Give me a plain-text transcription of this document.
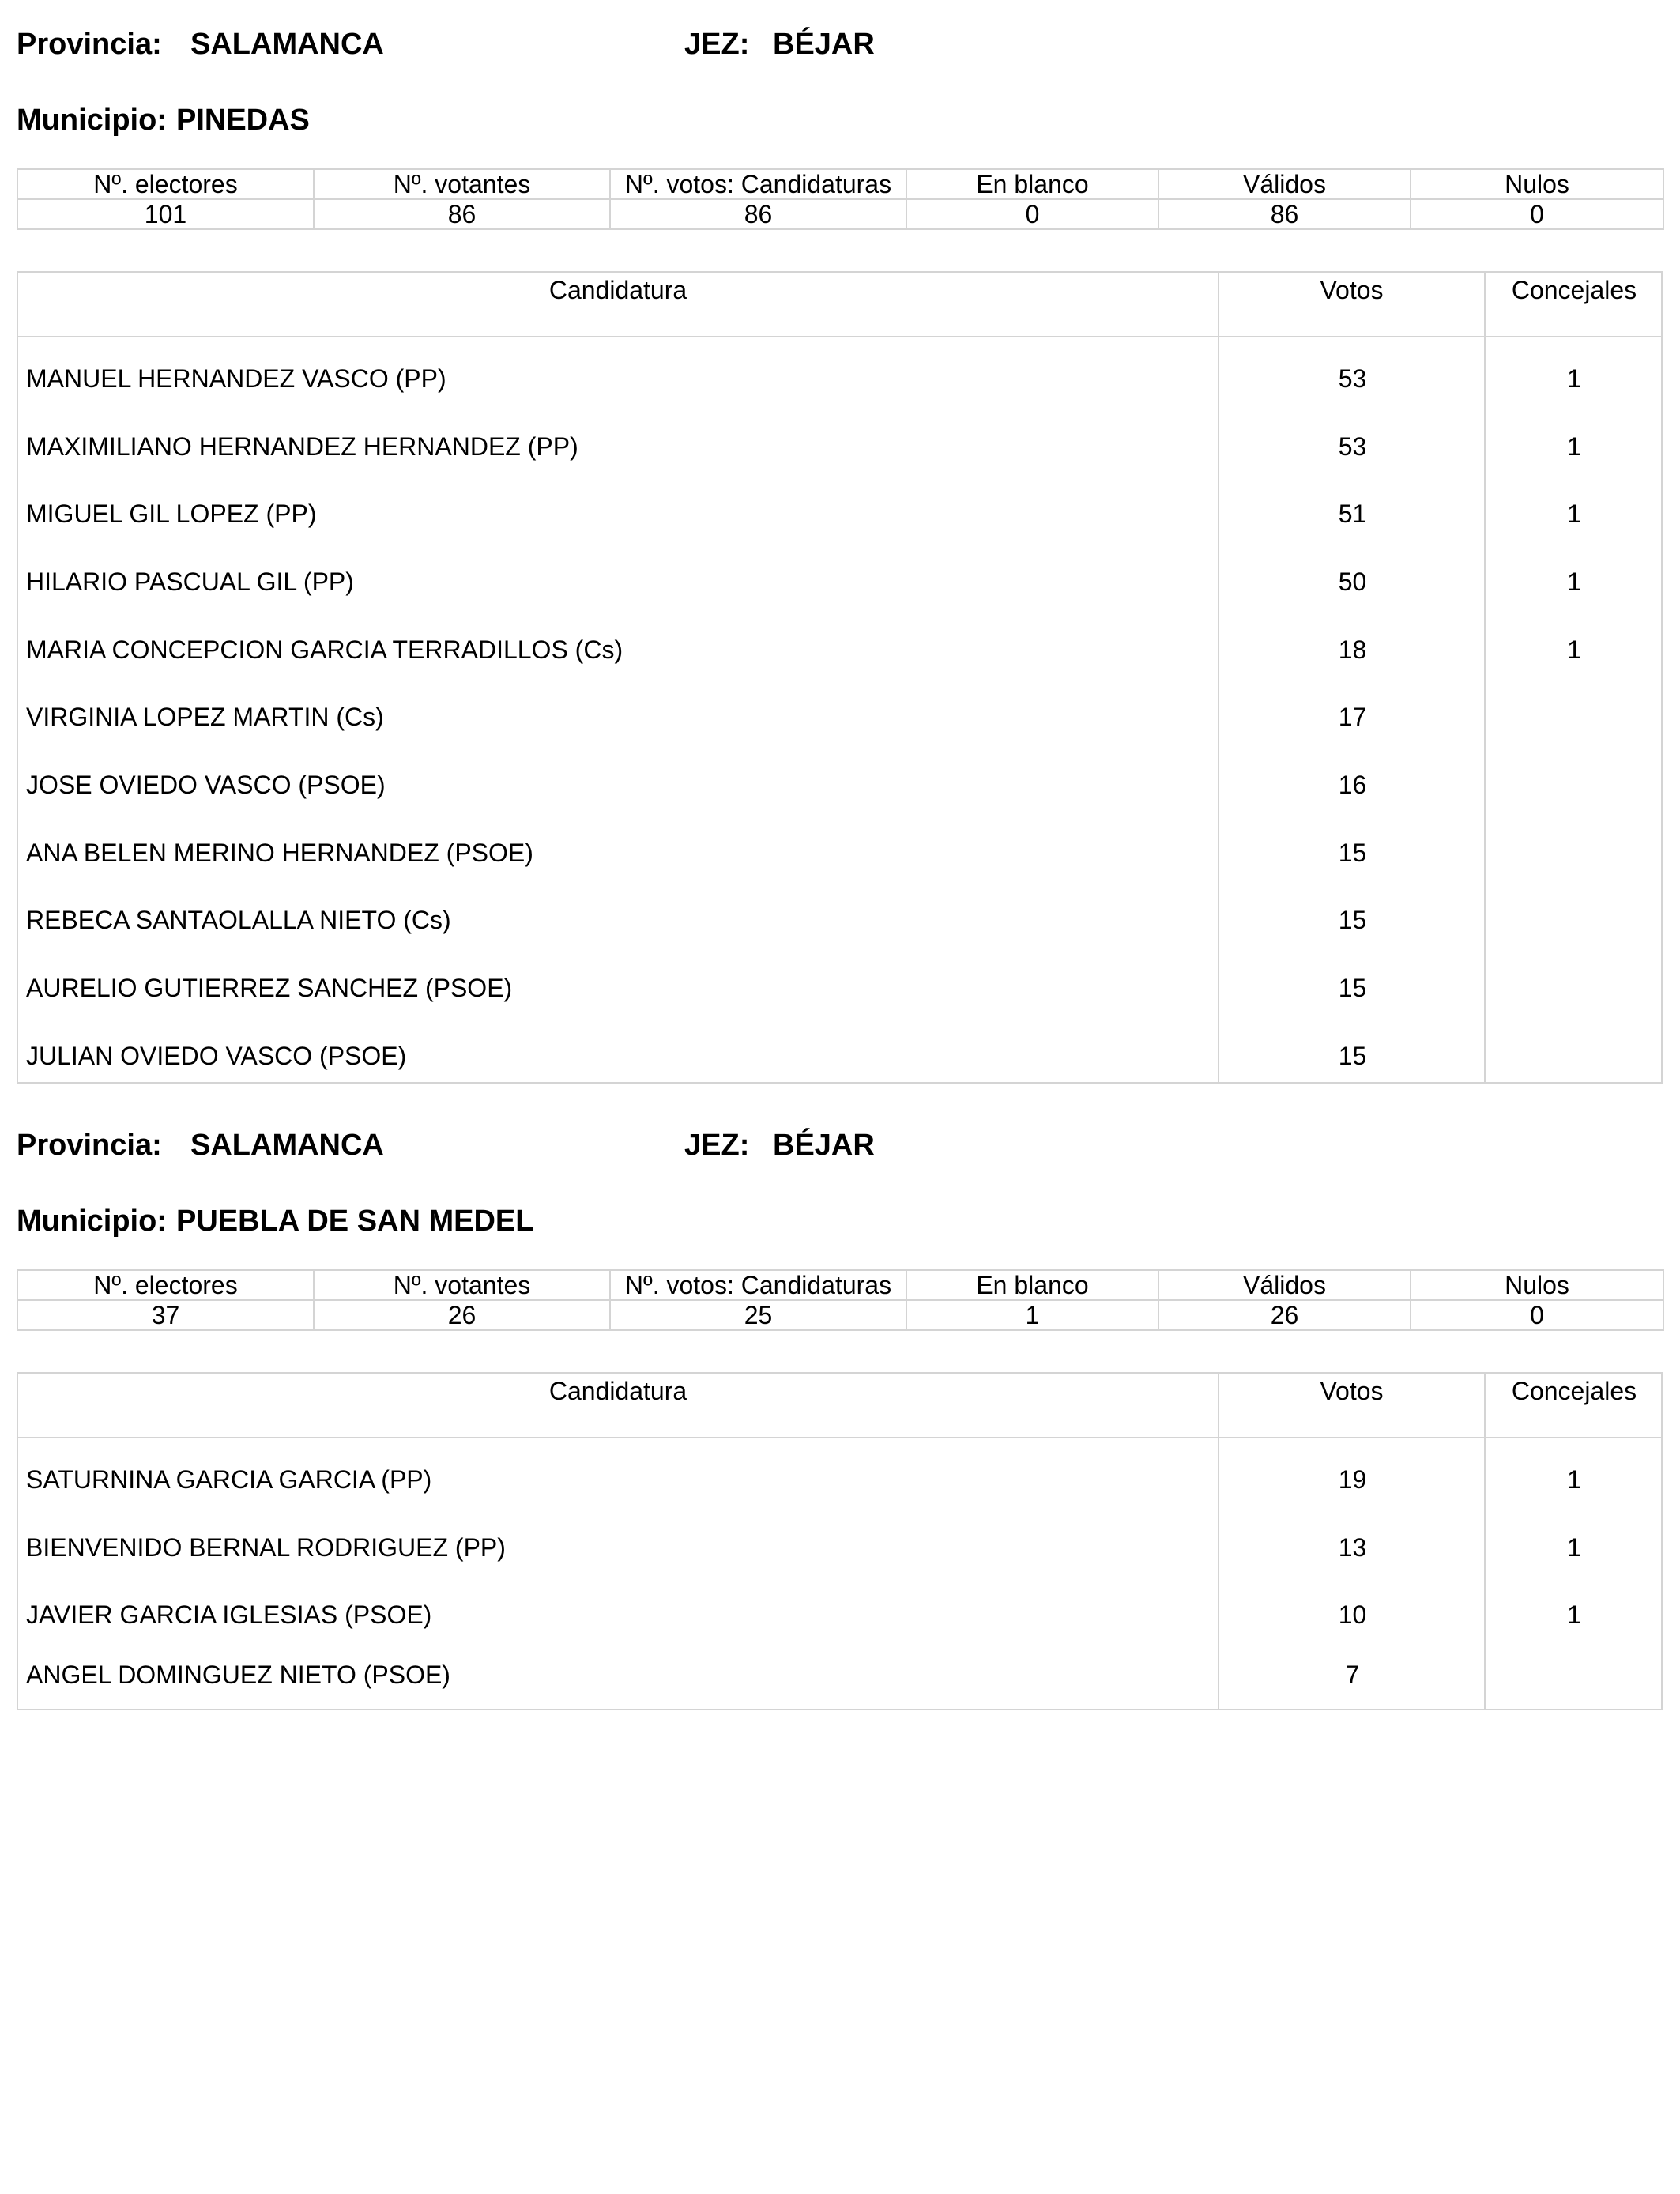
Provincia: SALAMANCA	JEZ: BÉJAR
Municipio: PINEDAS
Nº. electores	Nº. votantes	Nº. votos: Candidaturas	En blanco	Válidos	Nulos
101	86	86	0	86	0
Candidatura	Votos	Concejales
MANUEL HERNANDEZ VASCO (PP)	53	1
MAXIMILIANO HERNANDEZ HERNANDEZ (PP)	53	1
MIGUEL GIL LOPEZ (PP)	51	1
HILARIO PASCUAL GIL (PP)	50	1
MARIA CONCEPCION GARCIA TERRADILLOS (Cs)	18	1
VIRGINIA LOPEZ MARTIN (Cs)	17
JOSE OVIEDO VASCO (PSOE)	16
ANA BELEN MERINO HERNANDEZ (PSOE)	15
REBECA SANTAOLALLA NIETO (Cs)	15
AURELIO GUTIERREZ SANCHEZ (PSOE)	15
JULIAN OVIEDO VASCO (PSOE)	15
Provincia: SALAMANCA	JEZ: BÉJAR
Municipio: PUEBLA DE SAN MEDEL
Nº. electores	Nº. votantes	Nº. votos: Candidaturas	En blanco	Válidos	Nulos
37	26	25	1	26	0
Candidatura	Votos	Concejales
SATURNINA GARCIA GARCIA (PP)	19	1
BIENVENIDO BERNAL RODRIGUEZ (PP)	13	1
JAVIER GARCIA IGLESIAS (PSOE)	10	1
ANGEL DOMINGUEZ NIETO (PSOE)	7
